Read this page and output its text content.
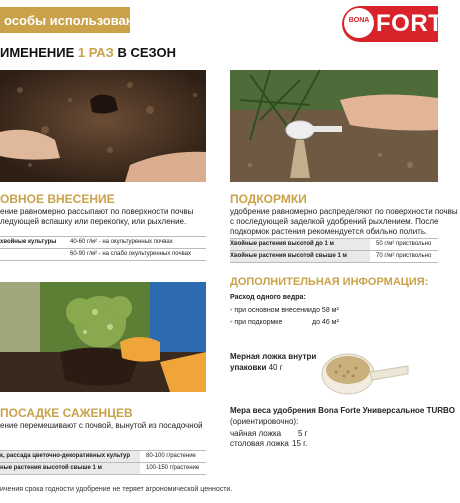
особы использования	BONA FORTE
ИМЕНЕНИЕ 1 РАЗ В СЕЗОН
ОВНОЕ ВНЕСЕНИЕ
ение равномерно рассыпают по поверхности почвы
ледующей вспашку или перекопку, или рыхление.
хвойные культуры	40-60 г/м² - на окультуренных почвах
60-90 г/м² - на слабо окультуренных почвах
ПОДКОРМКИ
удобрение равномерно распределяют по поверхности почвы
с последующей заделкой удобрений рыхлением. После
подкормок растения рекомендуется обильно полить.
Хвойные растения высотой до 1 м	50 г/м² приствольно
Хвойные растения высотой свыше 1 м	70 г/м² приствольно
ДОПОЛНИТЕЛЬНАЯ ИНФОРМАЦИЯ:
Расход одного ведра:
• при основном внесении до 58 м²
• при подкормке	до 46 м²
Мерная ложка внутри
упаковки 40 г
Мера веса удобрения Bona Forte Универсальное TURBO
(ориентировочно):
чайная ложка 5 г
столовая ложка 15 г.
ПОСАДКЕ САЖЕНЦЕВ
ение перемешивают с почвой, вынутой из посадочной
к, рассада цветочно-декоративных культур	80-100 г/растение
ные растения высотой свыше 1 м	100-150 г/растение
ичения срока годности удобрение не теряет агрономической ценности.
